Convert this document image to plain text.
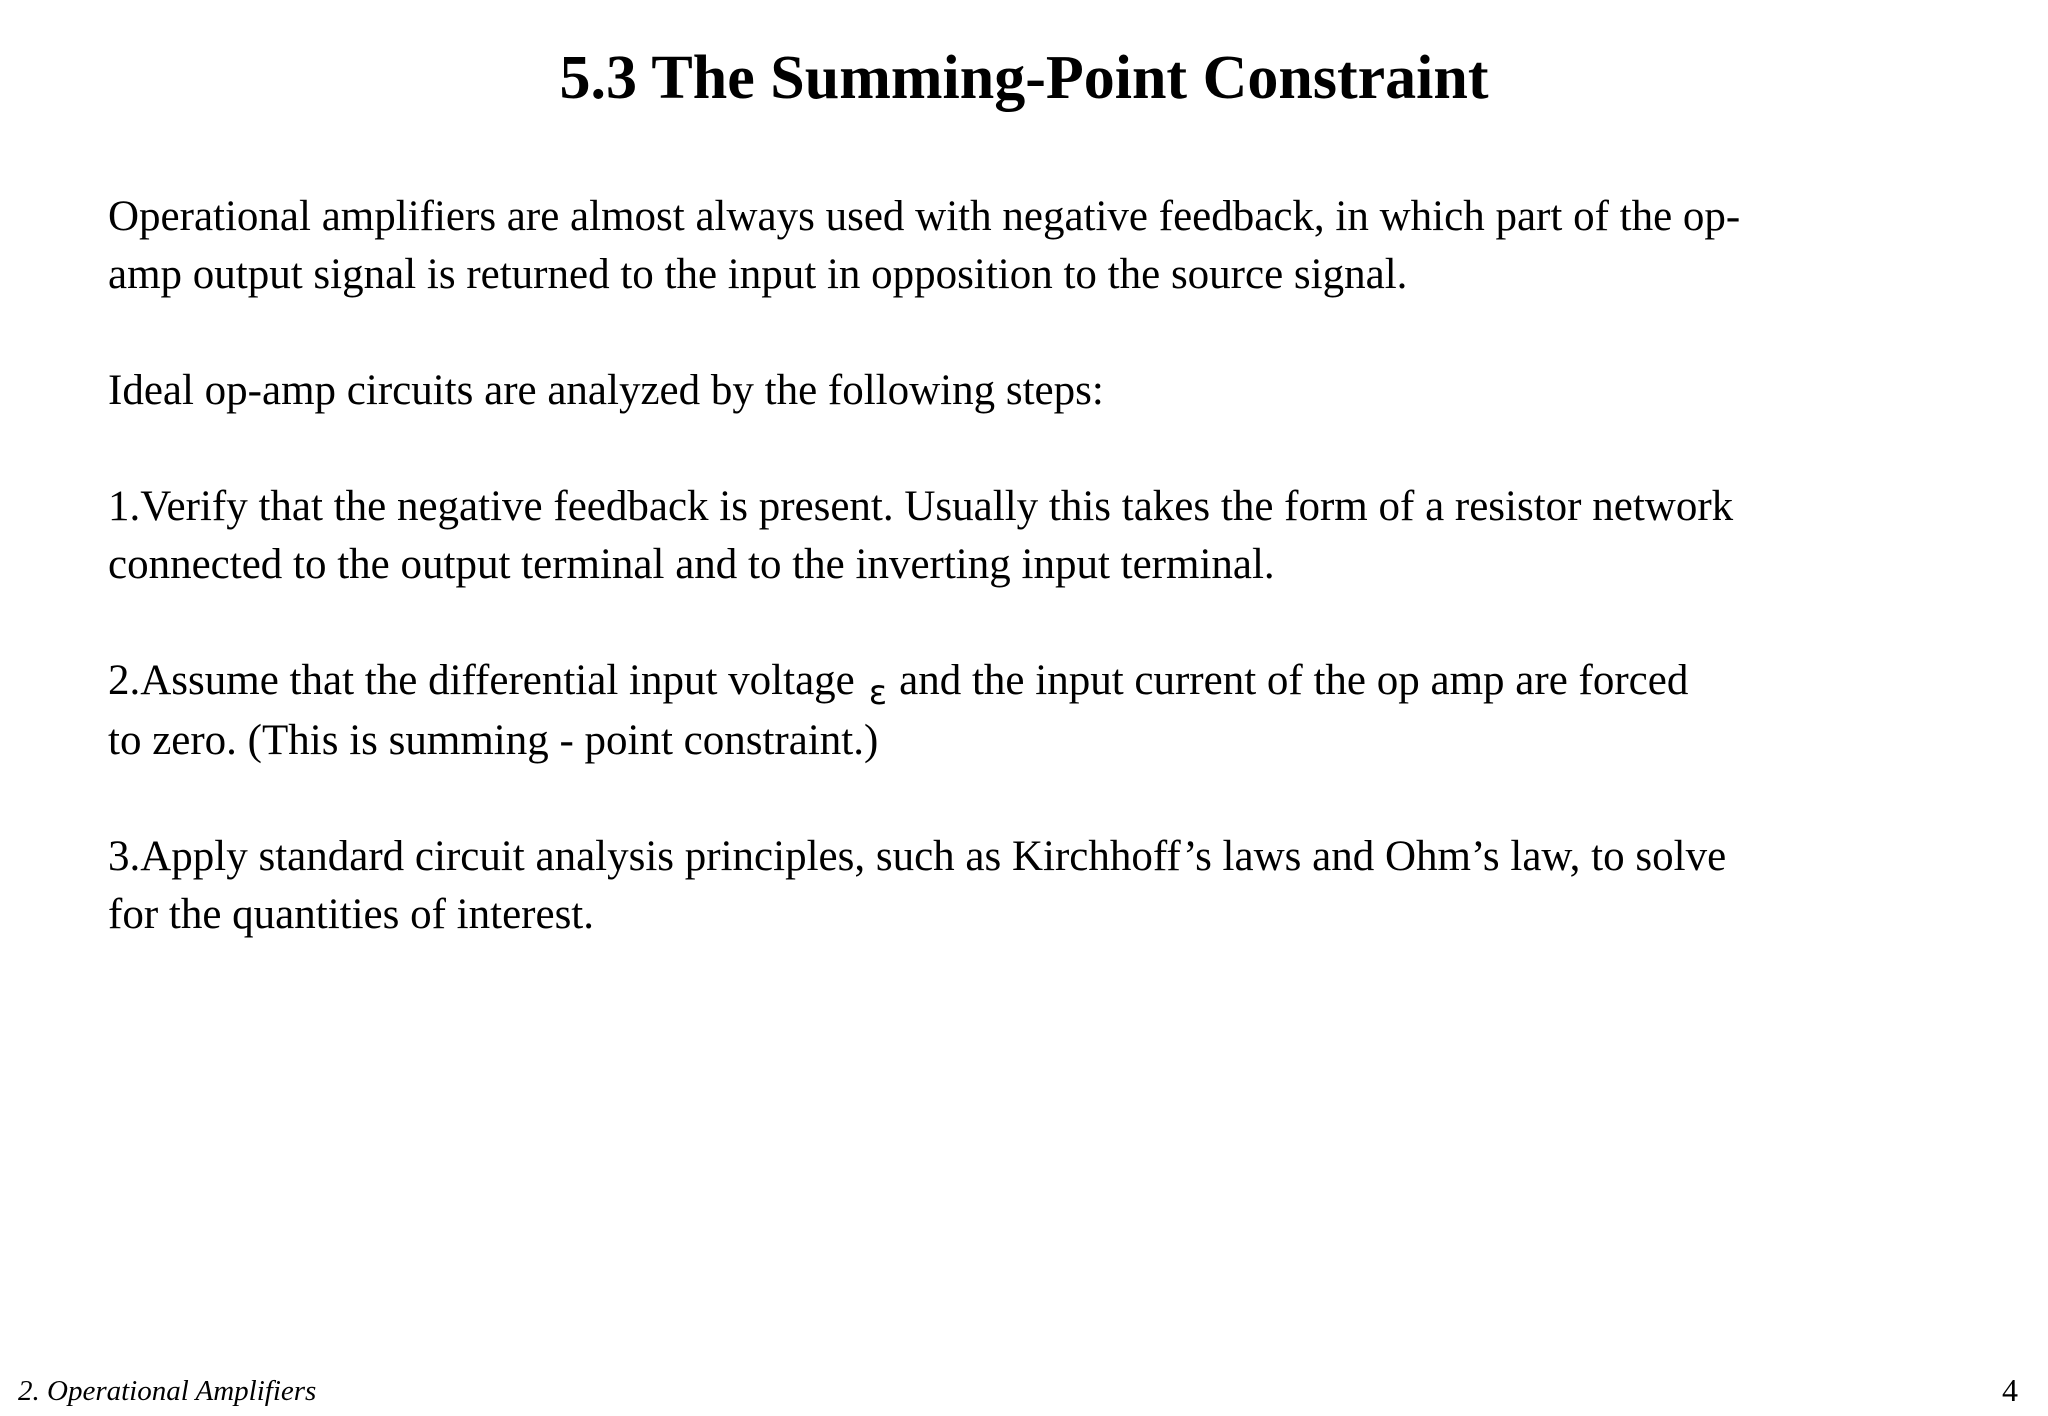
5.3 The Summing-Point Constraint

Operational amplifiers are almost always used with negative feedback, in which part of the op-
amp output signal is returned to the input in opposition to the source signal.

Ideal op-amp circuits are analyzed by the following steps:

1.Verify that the negative feedback is present. Usually this takes the form of a resistor network
connected to the output terminal and to the inverting input terminal.

2.Assume that the differential input voltage ε and the input current of the op amp are forced
to zero. (This is summing - point constraint.)

3.Apply standard circuit analysis principles, such as Kirchhoff’s laws and Ohm’s law, to solve
for the quantities of interest.

2. Operational Amplifiers	4
